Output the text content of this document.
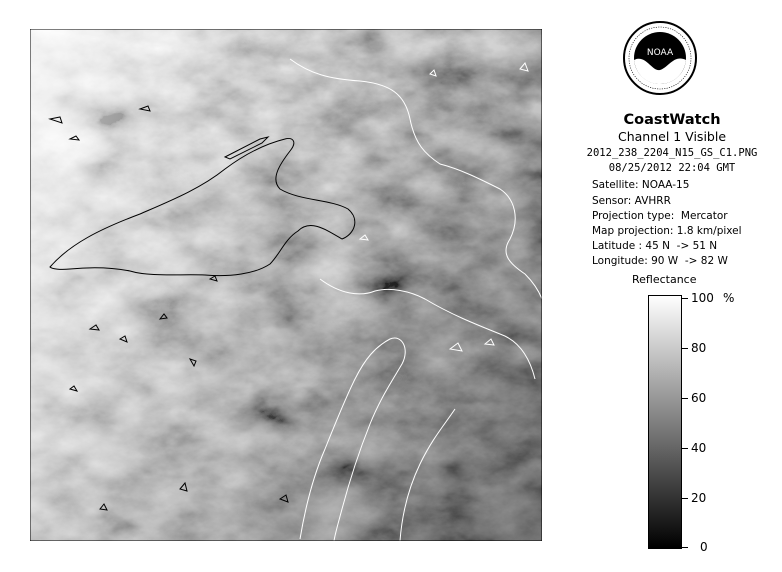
NOAA
CoastWatch
Channel 1 Visible
2012_238_2204_N15_GS_C1.PNG
08/25/2012 22:04 GMT
Satellite: NOAA-15
Sensor: AVHRR
Projection type:  Mercator
Map projection: 1.8 km/pixel
Latitude : 45 N  -> 51 N
Longitude: 90 W  -> 82 W
Reflectance
%
100
80
60
40
20
0
